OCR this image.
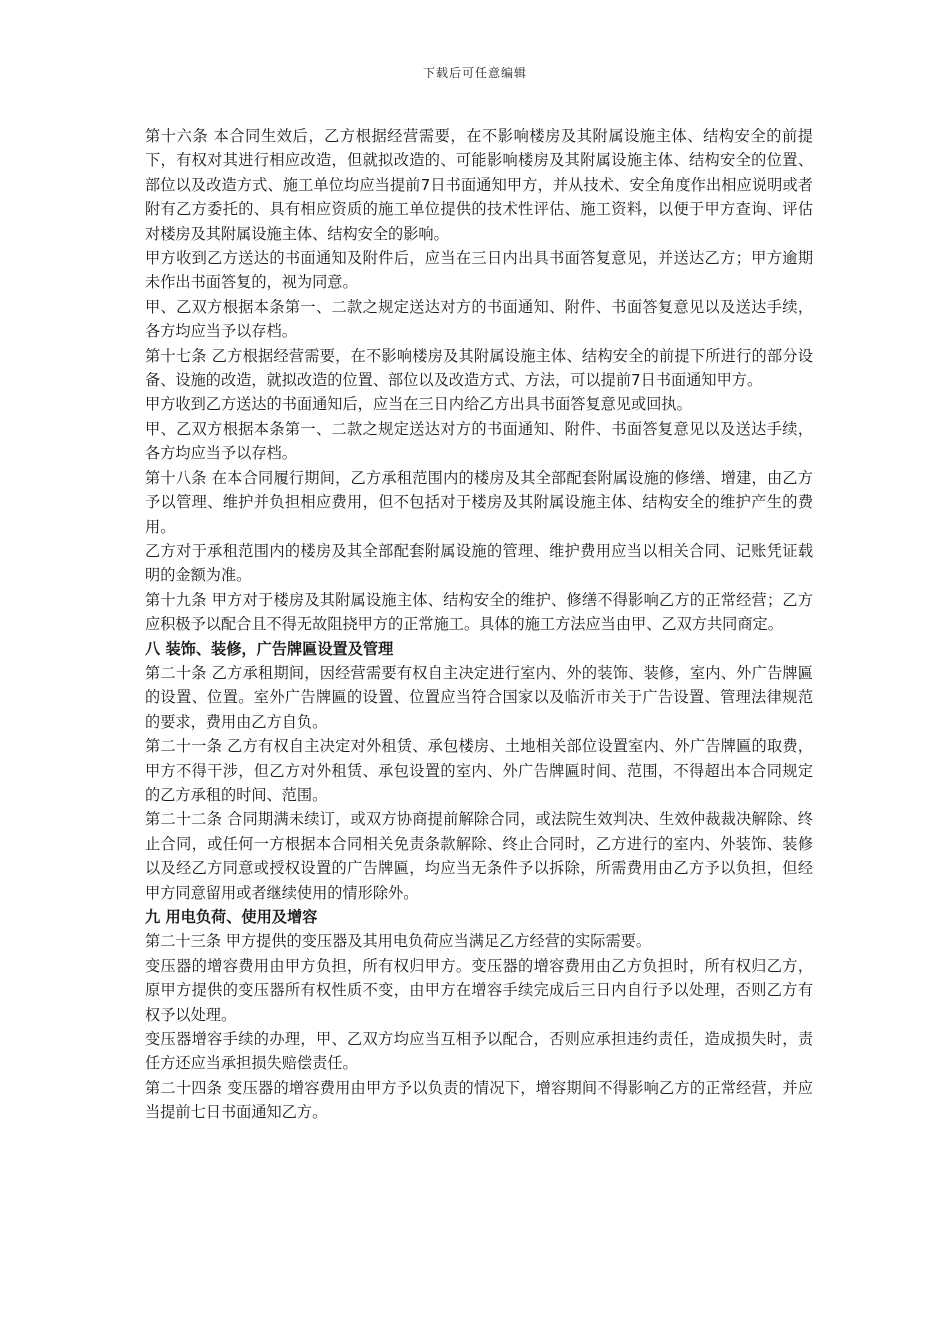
下载后可任意编辑

第十六条 本合同生效后，乙方根据经营需要，在不影响楼房及其附属设施主体、结构安全的前提下，有权对其进行相应改造，但就拟改造的、可能影响楼房及其附属设施主体、结构安全的位置、部位以及改造方式、施工单位均应当提前7日书面通知甲方，并从技术、安全角度作出相应说明或者附有乙方委托的、具有相应资质的施工单位提供的技术性评估、施工资料，以便于甲方查询、评估对楼房及其附属设施主体、结构安全的影响。

甲方收到乙方送达的书面通知及附件后，应当在三日内出具书面答复意见，并送达乙方；甲方逾期未作出书面答复的，视为同意。

甲、乙双方根据本条第一、二款之规定送达对方的书面通知、附件、书面答复意见以及送达手续，各方均应当予以存档。

第十七条 乙方根据经营需要，在不影响楼房及其附属设施主体、结构安全的前提下所进行的部分设备、设施的改造，就拟改造的位置、部位以及改造方式、方法，可以提前7日书面通知甲方。

甲方收到乙方送达的书面通知后，应当在三日内给乙方出具书面答复意见或回执。

甲、乙双方根据本条第一、二款之规定送达对方的书面通知、附件、书面答复意见以及送达手续，各方均应当予以存档。

第十八条 在本合同履行期间，乙方承租范围内的楼房及其全部配套附属设施的修缮、增建，由乙方予以管理、维护并负担相应费用，但不包括对于楼房及其附属设施主体、结构安全的维护产生的费用。

乙方对于承租范围内的楼房及其全部配套附属设施的管理、维护费用应当以相关合同、记账凭证载明的金额为准。

第十九条 甲方对于楼房及其附属设施主体、结构安全的维护、修缮不得影响乙方的正常经营；乙方应积极予以配合且不得无故阻挠甲方的正常施工。具体的施工方法应当由甲、乙双方共同商定。

八 装饰、装修，广告牌匾设置及管理

第二十条 乙方承租期间，因经营需要有权自主决定进行室内、外的装饰、装修，室内、外广告牌匾的设置、位置。室外广告牌匾的设置、位置应当符合国家以及临沂市关于广告设置、管理法律规范的要求，费用由乙方自负。

第二十一条 乙方有权自主决定对外租赁、承包楼房、土地相关部位设置室内、外广告牌匾的取费，甲方不得干涉，但乙方对外租赁、承包设置的室内、外广告牌匾时间、范围，不得超出本合同规定的乙方承租的时间、范围。

第二十二条 合同期满未续订，或双方协商提前解除合同，或法院生效判决、生效仲裁裁决解除、终止合同，或任何一方根据本合同相关免责条款解除、终止合同时，乙方进行的室内、外装饰、装修以及经乙方同意或授权设置的广告牌匾，均应当无条件予以拆除，所需费用由乙方予以负担，但经甲方同意留用或者继续使用的情形除外。

九 用电负荷、使用及增容

第二十三条 甲方提供的变压器及其用电负荷应当满足乙方经营的实际需要。

变压器的增容费用由甲方负担，所有权归甲方。变压器的增容费用由乙方负担时，所有权归乙方，原甲方提供的变压器所有权性质不变，由甲方在增容手续完成后三日内自行予以处理，否则乙方有权予以处理。

变压器增容手续的办理，甲、乙双方均应当互相予以配合，否则应承担违约责任，造成损失时，责任方还应当承担损失赔偿责任。

第二十四条 变压器的增容费用由甲方予以负责的情况下，增容期间不得影响乙方的正常经营，并应当提前七日书面通知乙方。
